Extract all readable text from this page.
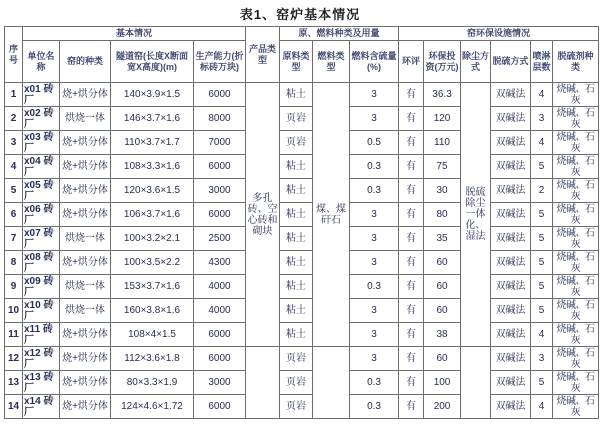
表1、窑炉基本情况
序号	基本情况				产品类型	原、燃料种类及用量			窑环保设施情况					
	单位名称	窑的种类	隧道窑(长度X断面宽X高度)(m)	生产能力(折标砖万块)		原料类型	燃料类型	燃料含硫量(%)	环评	环保投资(万元)	除尘方式	脱硫方式	喷淋层数	脱硫剂种类
1	x01 砖厂	烧+烘分体	140×3.9×1.5	6000	多孔砖、空心砖和砌块	粘土	煤、煤矸石	3	有	36.3	脱硫除尘一体化、湿法	双碱法	4	烧碱、石灰
2	x02 砖厂	烘烧一体	146×3.7×1.6	8000		页岩		3	有	120		双碱法	3	烧碱、石灰
3	x03 砖厂	烧+烘分体	110×3.7×1.7	7000		页岩		0.5	有	110		双碱法	4	烧碱、石灰
4	x04 砖厂	烧+烘分体	108×3.3×1.6	6000		粘土		0.3	有	75		双碱法	5	烧碱、石灰
5	x05 砖厂	烧+烘分体	120×3.6×1.5	3000		粘土		0.3	有	30		双碱法	2	烧碱、石灰
6	x06 砖厂	烧+烘分体	106×3.7×1.6	6000		粘土		3	有	80		双碱法	5	烧碱、石灰
7	x07 砖厂	烘烧一体	100×3.2×2.1	2500		粘土		3	有	35		双碱法	5	烧碱、石灰
8	x08 砖厂	烧+烘分体	100×3.5×2.2	4300		粘土		3	有	60		双碱法	5	烧碱、石灰
9	x09 砖厂	烘烧一体	153×3.7×1.6	4000		粘土		0.3	有	60		双碱法	5	烧碱、石灰
10	x10 砖厂	烘烧一体	160×3.8×1.6	4000		粘土		3	有	60		双碱法	5	烧碱、石灰
11	x11 砖厂	烧+烘分体	108×4×1.5	6000		粘土		3	有	38		双碱法	4	烧碱、石灰
12	x12 砖厂	烧+烘分体	112×3.6×1.8	6000		页岩		3	有	60		双碱法	3	烧碱、石灰
13	x13 砖厂	烧+烘分体	80×3.3×1.9	3000		页岩		0.3	有	100		双碱法	5	烧碱、石灰
14	x14 砖厂	烧+烘分体	124×4.6×1.72	6000		页岩		0.3	有	200		双碱法	4	烧碱、石灰
